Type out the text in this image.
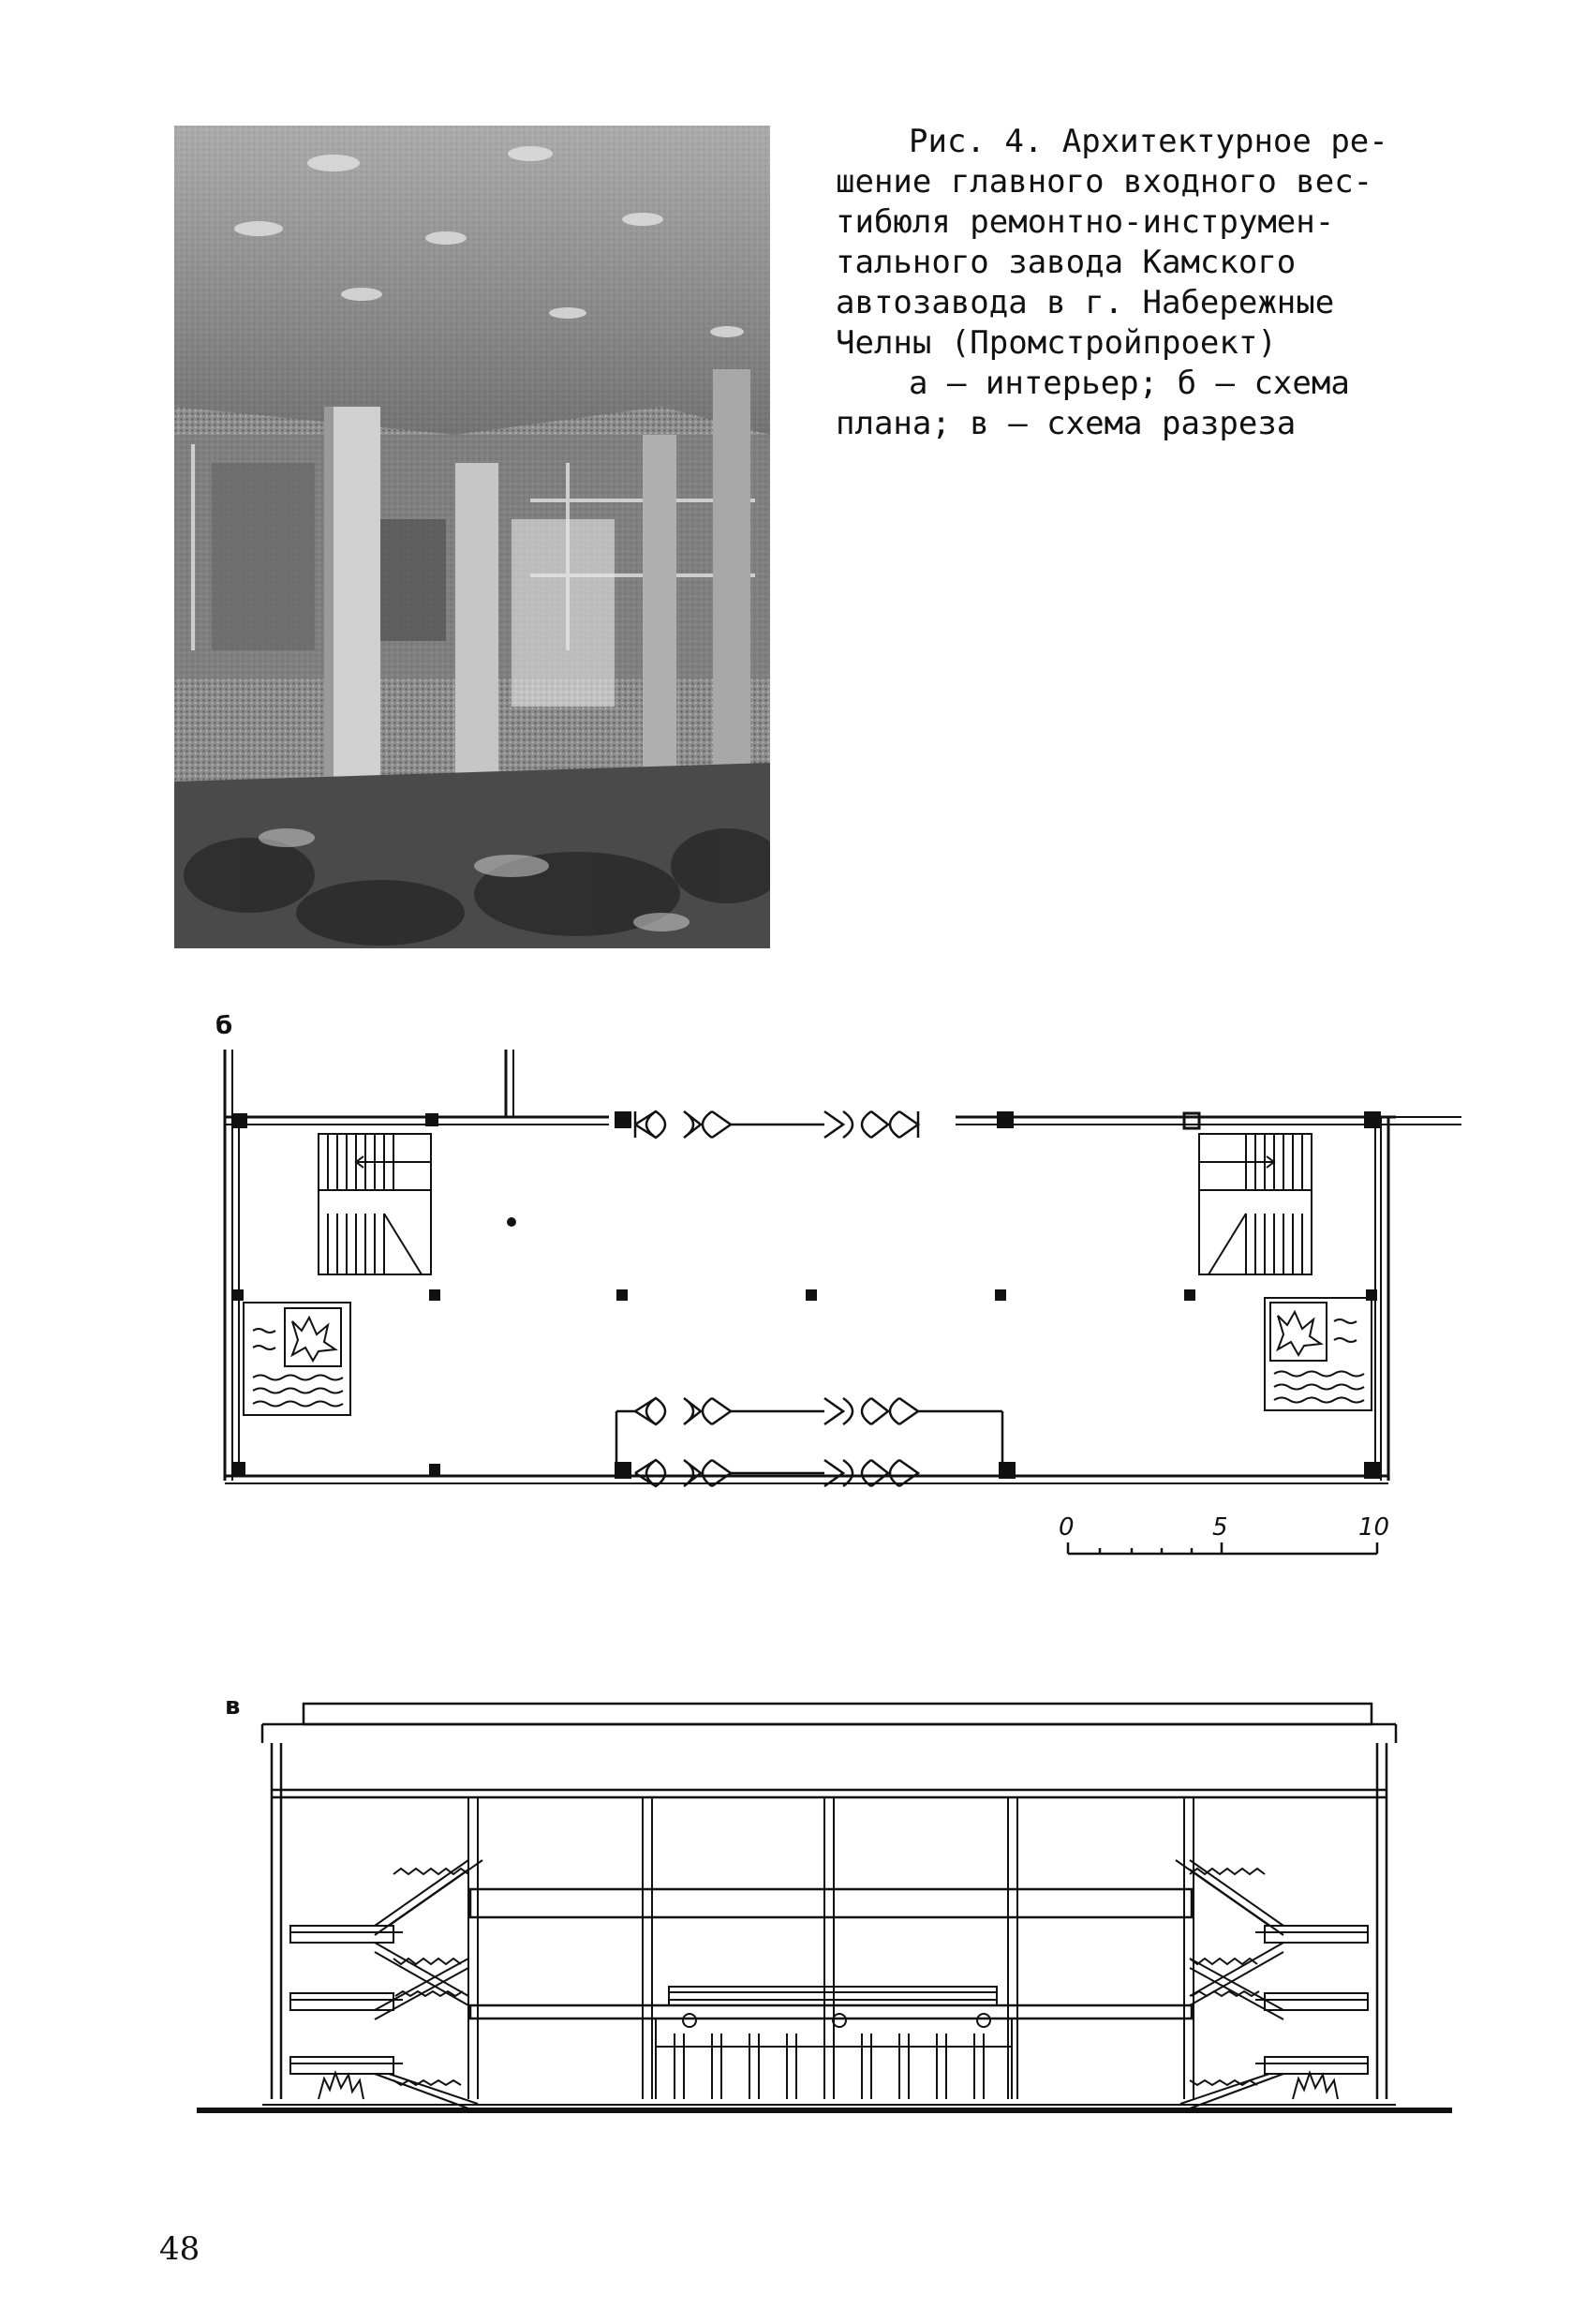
Рис. 4. Архитектурное ре-

шение главного входного вес-

тибюля ремонтно-инструмен-

тального завода Камского

автозавода в г. Набережные

Челны (Промстройпроект)

а – интерьер; б – схема

плана; в – схема разреза

б
0	5	10
в
48
